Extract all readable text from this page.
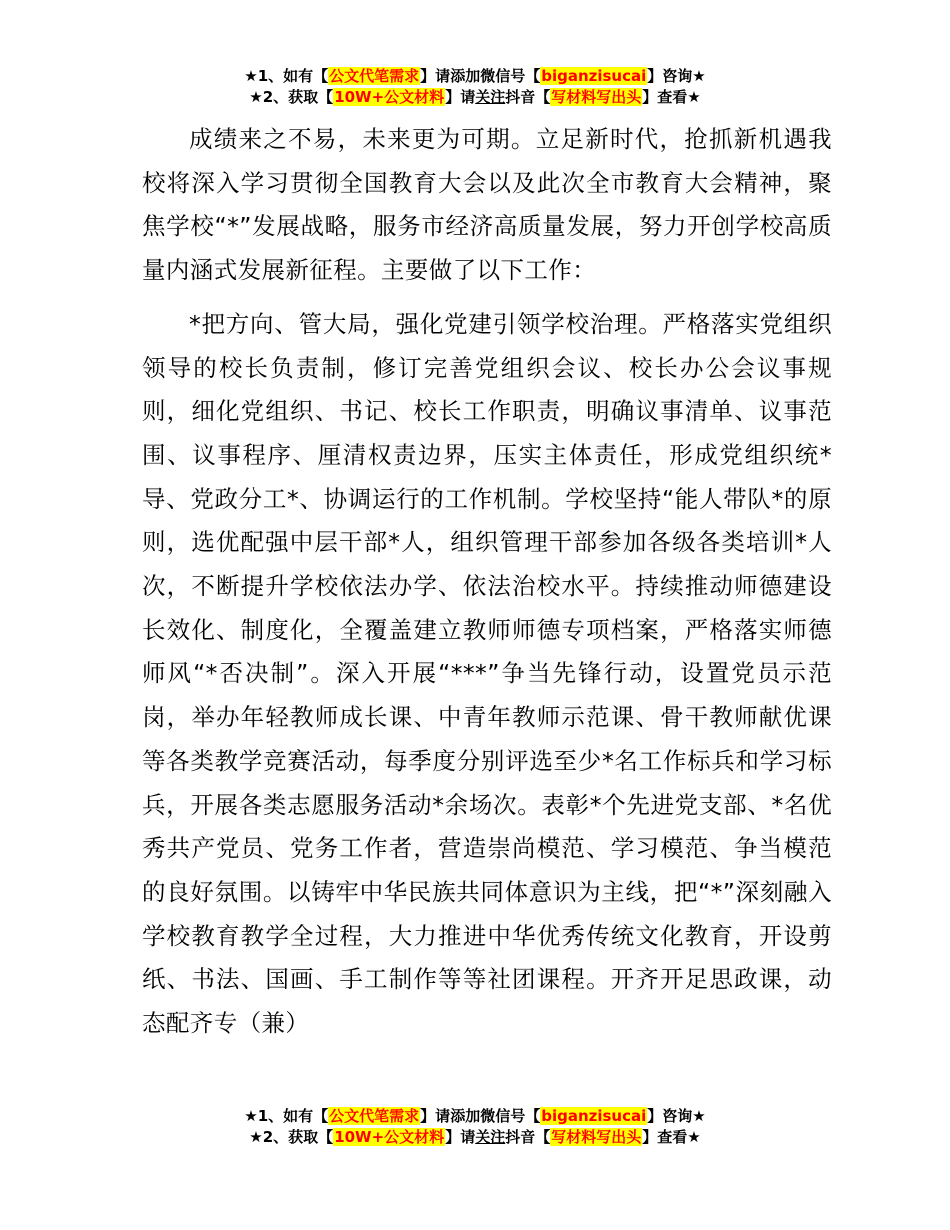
★1、如有【公文代笔需求】请添加微信号【biganzisucai】咨询★
★2、获取【10W+公文材料】请关注抖音【写材料写出头】查看★

成绩来之不易，未来更为可期。立足新时代，抢抓新机遇我校将深入学习贯彻全国教育大会以及此次全市教育大会精神，聚焦学校“*”发展战略，服务市经济高质量发展，努力开创学校高质量内涵式发展新征程。主要做了以下工作：

*把方向、管大局，强化党建引领学校治理。严格落实党组织领导的校长负责制，修订完善党组织会议、校长办公会议事规则，细化党组织、书记、校长工作职责，明确议事清单、议事范围、议事程序、厘清权责边界，压实主体责任，形成党组织统*导、党政分工*、协调运行的工作机制。学校坚持“能人带队*的原则，选优配强中层干部*人，组织管理干部参加各级各类培训*人次，不断提升学校依法办学、依法治校水平。持续推动师德建设长效化、制度化，全覆盖建立教师师德专项档案，严格落实师德师风“*否决制”。深入开展“***”争当先锋行动，设置党员示范岗，举办年轻教师成长课、中青年教师示范课、骨干教师献优课等各类教学竞赛活动，每季度分别评选至少*名工作标兵和学习标兵，开展各类志愿服务活动*余场次。表彰*个先进党支部、*名优秀共产党员、党务工作者，营造崇尚模范、学习模范、争当模范的良好氛围。以铸牢中华民族共同体意识为主线，把“*”深刻融入学校教育教学全过程，大力推进中华优秀传统文化教育，开设剪纸、书法、国画、手工制作等等社团课程。开齐开足思政课，动态配齐专（兼）

★1、如有【公文代笔需求】请添加微信号【biganzisucai】咨询★
★2、获取【10W+公文材料】请关注抖音【写材料写出头】查看★
